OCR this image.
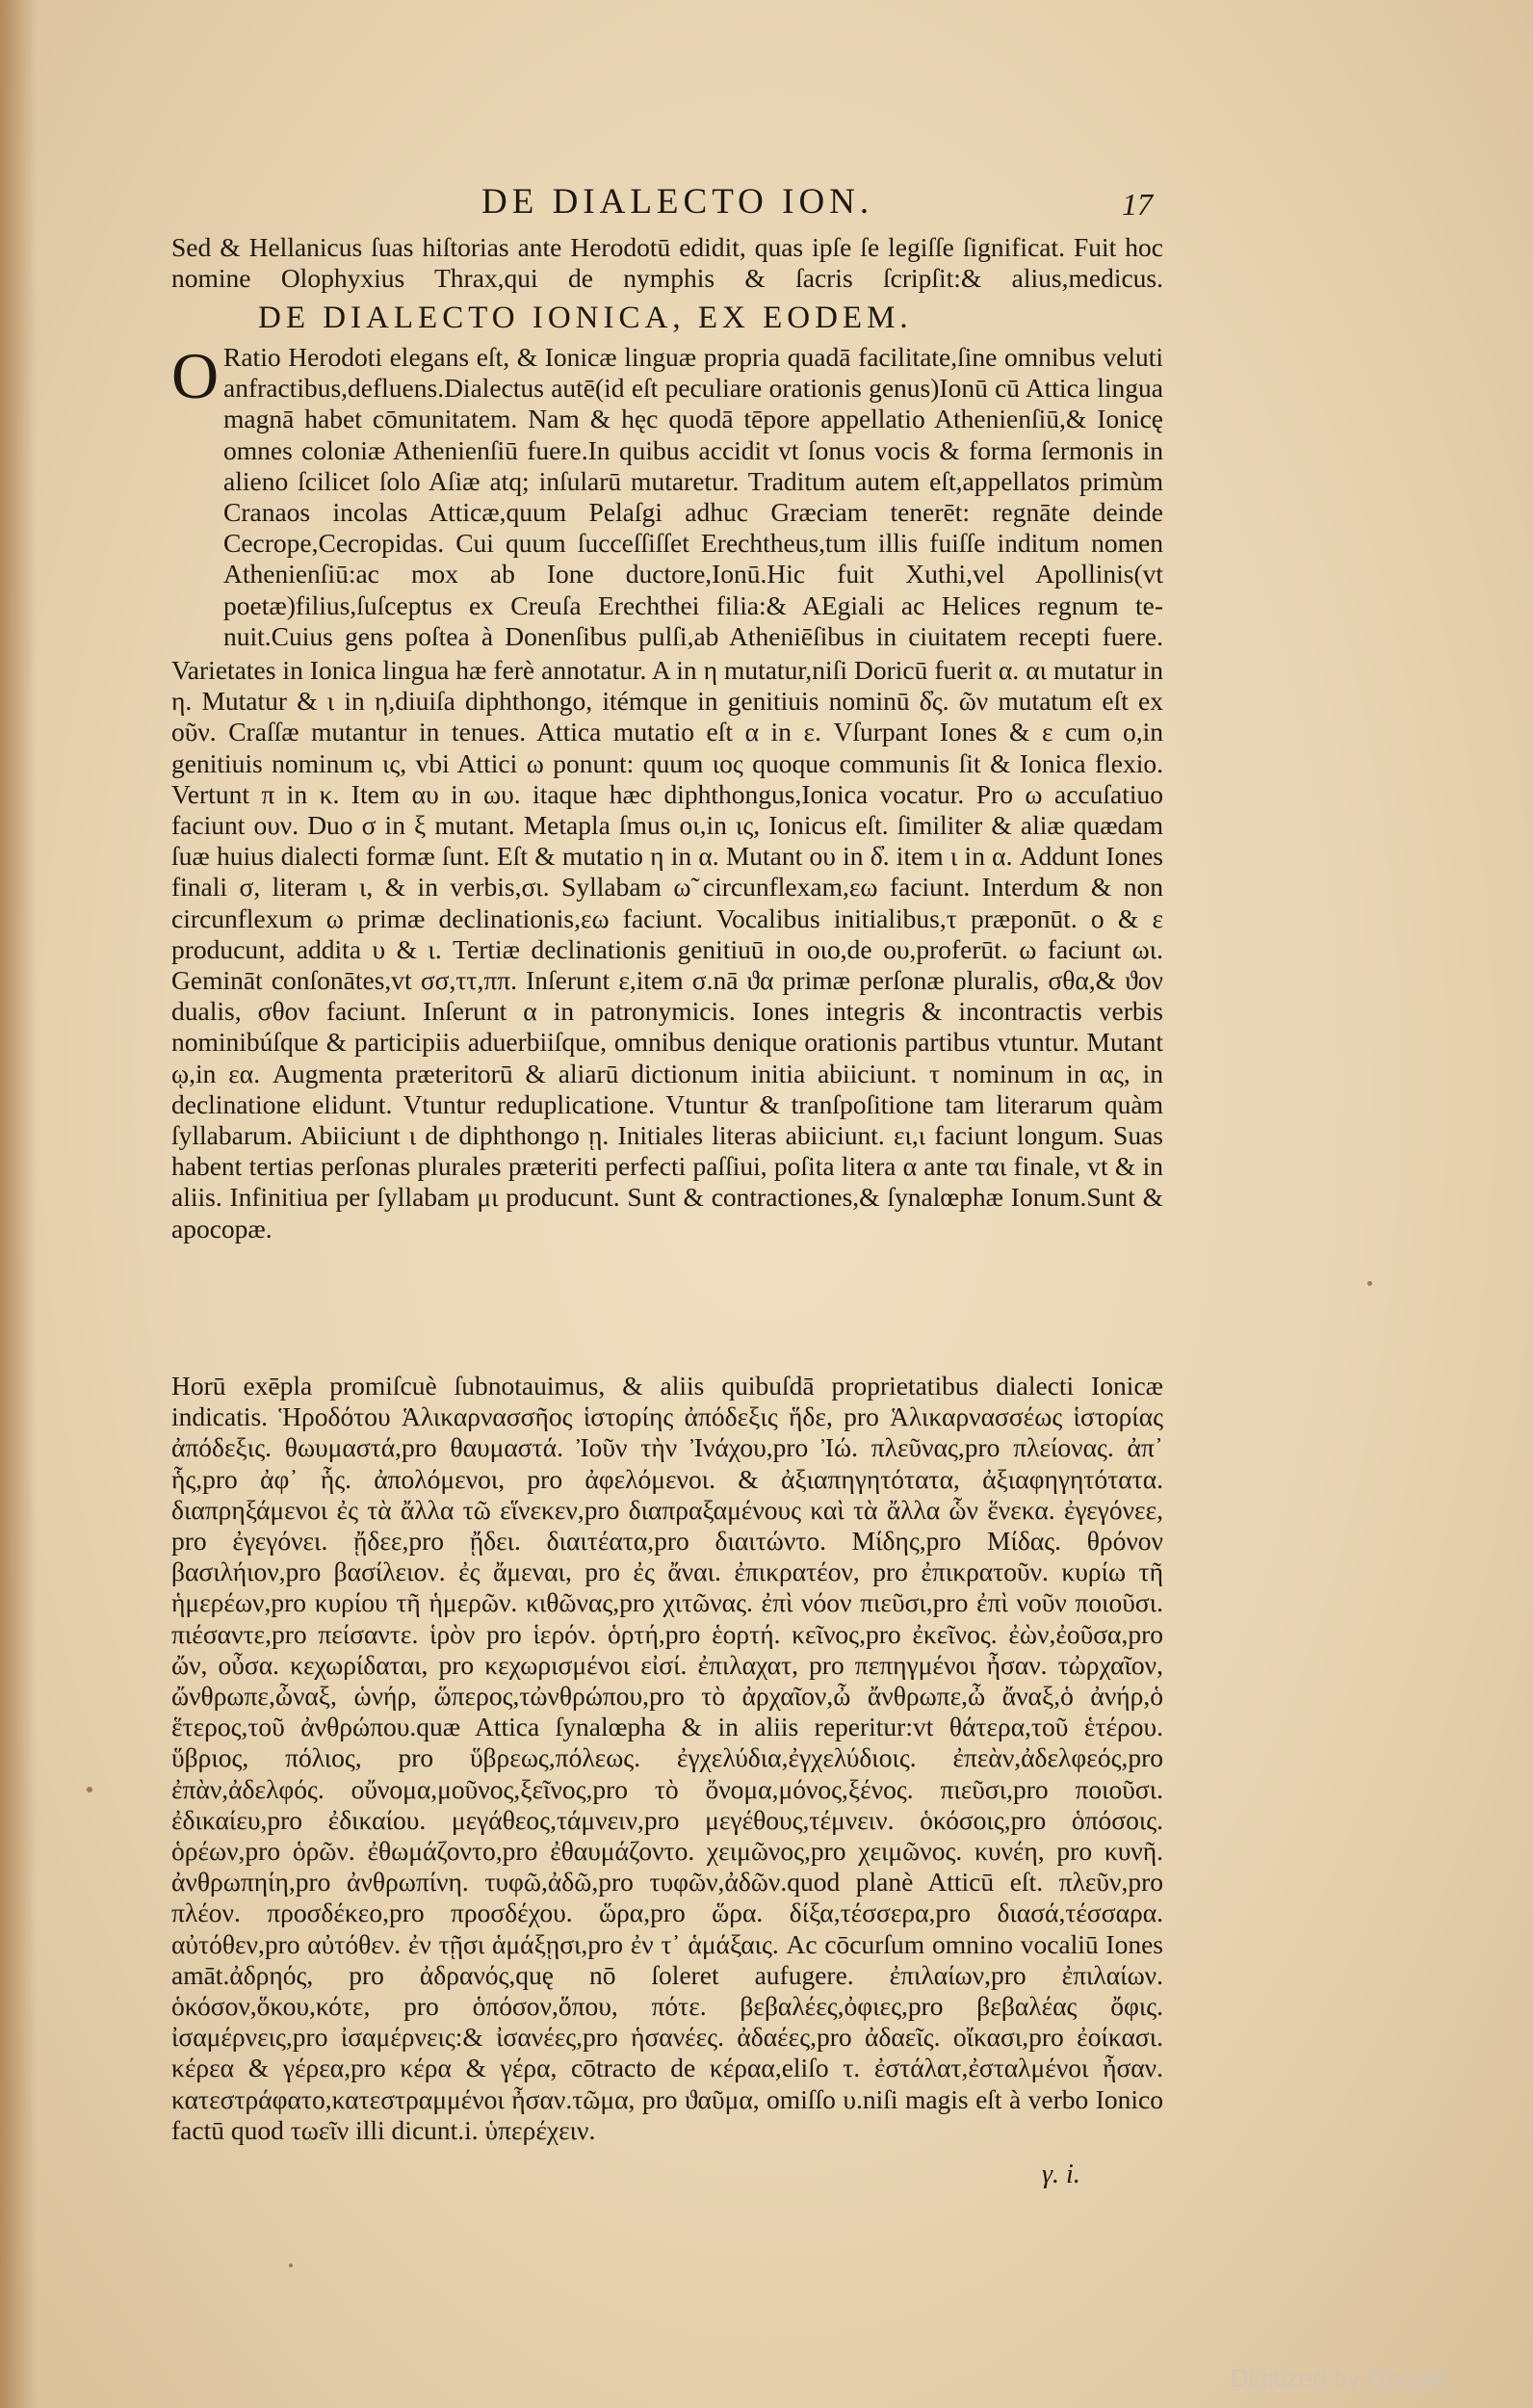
DE DIALECTO ION.	17
Sed & Hellanicus ſuas hiſtorias ante Herodotū edidit, quas ipſe ſe legiſſe ſignificat. Fuit hoc nomine Olophyxius Thrax,qui de nymphis & ſacris ſcripſit:& alius,medicus.
DE DIALECTO IONICA, EX EODEM.
O Ratio Herodoti elegans eſt, & Ionicæ linguæ propria quadā facilitate,ſine omnibus veluti anfractibus,defluens.Dialectus autē(id eſt peculiare orationis genus)Ionū cū Attica lingua magnā habet cōmunitatem. Nam & hęc quodā tēpore appellatio Athenienſiū,& Ionicę omnes coloniæ Athenienſiū fuere.In quibus accidit vt ſonus vocis & forma ſermonis in alieno ſcilicet ſolo Aſiæ atq; inſularū mutaretur. Traditum autem eſt,appellatos primùm Cranaos incolas Atticæ,quum Pelaſgi adhuc Græciam tenerēt: regnāte deinde Cecrope,Cecropidas. Cui quum ſucceſſiſſet Erechtheus,tum illis fuiſſe inditum nomen Athenienſiū:ac mox ab Ione ductore,Ionū.Hic fuit Xuthi,vel Apollinis(vt poetæ)filius,ſuſceptus ex Creuſa Erechthei filia:& AEgiali ac Helices regnum tenuit.Cuius gens poſtea à Donenſibus pulſi,ab Atheniēſibus in ciuitatem recepti fuere.
Varietates in Ionica lingua hæ ferè annotatur. A in η mutatur,niſi Doricū fuerit α. αι mutatur in η. Mutatur & ι in η,diuiſa diphthongo, itémque in genitiuis nominū δ̓ς. ῶν mutatum eſt ex οῦν. Craſſæ mutantur in tenues. Attica mutatio eſt α in ε. Vſurpant Iones & ε cum ο,in genitiuis nominum ις, vbi Attici ω ponunt: quum ιος quoque communis ſit & Ionica flexio. Vertunt π in κ. Item αυ in ωυ. itaque hæc diphthongus,Ionica vocatur. Pro ω accuſatiuo faciunt ουν. Duo σ in ξ mutant. Metapla ſmus οι,in ις, Ionicus eſt. ſimiliter & aliæ quædam ſuæ huius dialecti formæ ſunt. Eſt & mutatio η in α. Mutant ου in δ̓. item ι in α. Addunt Iones finali σ, literam ι, & in verbis,σι. Syllabam ω̃ circunflexam,εω faciunt. Interdum & non circunflexum ω primæ declinationis,εω faciunt. Vocalibus initialibus,τ præponūt. ο & ε producunt, addita υ & ι. Tertiæ declinationis genitiuū in οιο,de ου,proferūt. ω faciunt ωι. Gemināt conſonātes,vt σσ,ττ,ππ. Inſerunt ε,item σ.nā ϑα primæ perſonæ pluralis, σθα,& ϑον dualis, σθον faciunt. Inſerunt α in patronymicis. Iones integris & incontractis verbis nominibúſque & participiis aduerbiiſque, omnibus denique orationis partibus vtuntur. Mutant ῳ,in εα. Augmenta præteritorū & aliarū dictionum initia abiiciunt. τ nominum in ας, in declinatione elidunt. Vtuntur reduplicatione. Vtuntur & tranſpoſitione tam literarum quàm ſyllabarum. Abiiciunt ι de diphthongo ῃ. Initiales literas abiiciunt. ει,ι faciunt longum. Suas habent tertias perſonas plurales præteriti perfecti paſſiui, poſita litera α ante ται finale, vt & in aliis. Infinitiua per ſyllabam μι producunt. Sunt & contractiones,& ſynalœphæ Ionum.Sunt & apocopæ.
Horū exēpla promiſcuè ſubnotauimus, & aliis quibuſdā proprietatibus dialecti Ionicæ indicatis. Ἡροδότου Ἁλικαρνασσῆος ἱστορίης ἀπόδεξις ἥδε, pro Ἁλικαρνασσέως ἱστορίας ἀπόδεξις. θωυμαστά,pro θαυμαστά. Ἰοῦν τὴν Ἰνάχου,pro Ἰώ. πλεῦνας,pro πλείονας. ἀπ᾽ ἧς,pro ἀφ᾽ ἧς. ἀπολόμενοι, pro ἀφελόμενοι. & ἀξιαπηγητότατα, ἀξιαφηγητότατα. διαπρηξάμενοι ἐς τὰ ἄλλα τῶ εἵνεκεν,pro διαπραξαμένους καὶ τὰ ἄλλα ὧν ἕνεκα. ἐγεγόνεε, pro ἐγεγόνει. ᾔδεε,pro ᾔδει. διαιτέατα,pro διαιτώντο. Μίδης,pro Μίδας. θρόνον βασιλήιον,pro βασίλειον. ἐς ἄμεναι, pro ἐς ἄναι. ἐπικρατέον, pro ἐπικρατοῦν. κυρίω τῆ ἡμερέων,pro κυρίου τῆ ἡμερῶν. κιθῶνας,pro χιτῶνας. ἐπὶ νόον πιεῦσι,pro ἐπὶ νοῦν ποιοῦσι. πιέσαντε,pro πείσαντε. ἱρὸν pro ἱερόν. ὁρτή,pro ἑορτή. κεῖνος,pro ἐκεῖνος. ἐὼν,ἐοῦσα,pro ὤν, οὖσα. κεχωρίδαται, pro κεχωρισμένοι εἰσί. ἐπιλαχατ, pro πεπηγμένοι ἦσαν. τὠρχαῖον, ὤνθρωπε,ὦναξ, ὡνήρ, ὥπερος,τὠνθρώπου,pro τὸ ἀρχαῖον,ὦ ἄνθρωπε,ὦ ἄναξ,ὁ ἀνήρ,ὁ ἕτερος,τοῦ ἀνθρώπου.quæ Attica ſynalœpha & in aliis reperitur:vt θάτερα,τοῦ ἑτέρου. ὕβριος, πόλιος, pro ὕβρεως,πόλεως. ἐγχελύδια,ἐγχελύδιοις. ἐπεὰν,ἀδελφεός,pro ἐπὰν,ἀδελφός. οὔνομα,μοῦνος,ξεῖνος,pro τὸ ὄνομα,μόνος,ξένος. πιεῦσι,pro ποιοῦσι. ἐδικαίευ,pro ἐδικαίου. μεγάθεος,τάμνειν,pro μεγέθους,τέμνειν. ὁκόσοις,pro ὁπόσοις. ὁρέων,pro ὁρῶν. ἐθωμάζοντο,pro ἐθαυμάζοντο. χειμῶνος,pro χειμῶνος. κυνέη, pro κυνῆ. ἀνθρωπηίη,pro ἀνθρωπίνη. τυφῶ,ἀδῶ,pro τυφῶν,ἀδῶν.quod planè Atticū eſt. πλεῦν,pro πλέον. προσδέκεο,pro προσδέχου. ὥρα,pro ὥρα. δίξα,τέσσερα,pro διασά,τέσσαρα. αὐτόθεν,pro αὐτόθεν. ἐν τῇσι ἁμάξῃσι,pro ἐν τ᾽ ἁμάξαις. Ac cōcurſum omnino vocaliū Iones amāt.ἀδρηός, pro ἀδρανός,quę nō ſoleret aufugere. ἐπιλαίων,pro ἐπιλαίων. ὁκόσον,ὅκου,κότε, pro ὁπόσον,ὅπου, πότε. βεβαλέες,ὀφιες,pro βεβαλέας ὄφις. ἰσαμέρνεις,pro ἰσαμέρνεις:& ἰσανέες,pro ἡσανέες. ἀδαέες,pro ἀδαεῖς. οἴκασι,pro ἐοίκασι. κέρεα & γέρεα,pro κέρα & γέρα, cōtracto de κέραα,eliſo τ. ἐστάλατ,ἐσταλμένοι ἦσαν. κατεστράφατο,κατεστραμμένοι ἦσαν.τῶμα, pro ϑαῦμα, omiſſo υ.niſi magis eſt à verbo Ionico factū quod τωεῖν illi dicunt.i. ὑπερέχειν.
γ. i.
Digitized by Google
